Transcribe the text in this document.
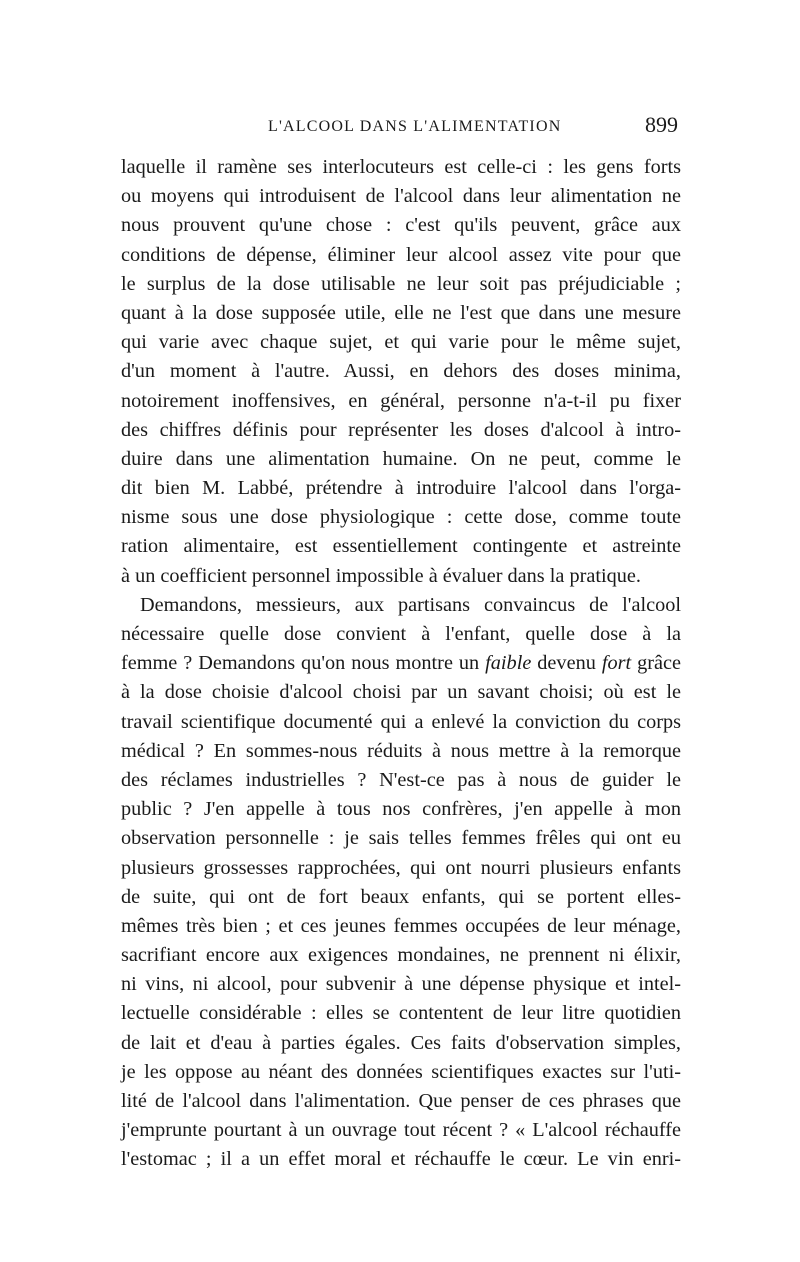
L'ALCOOL DANS L'ALIMENTATION	899
laquelle il ramène ses interlocuteurs est celle-ci : les gens forts
ou moyens qui introduisent de l'alcool dans leur alimentation ne
nous prouvent qu'une chose : c'est qu'ils peuvent, grâce aux
conditions de dépense, éliminer leur alcool assez vite pour que
le surplus de la dose utilisable ne leur soit pas préjudiciable ;
quant à la dose supposée utile, elle ne l'est que dans une mesure
qui varie avec chaque sujet, et qui varie pour le même sujet,
d'un moment à l'autre. Aussi, en dehors des doses minima,
notoirement inoffensives, en général, personne n'a-t-il pu fixer
des chiffres définis pour représenter les doses d'alcool à intro-
duire dans une alimentation humaine. On ne peut, comme le
dit bien M. Labbé, prétendre à introduire l'alcool dans l'orga-
nisme sous une dose physiologique : cette dose, comme toute
ration alimentaire, est essentiellement contingente et astreinte
à un coefficient personnel impossible à évaluer dans la pratique.
Demandons, messieurs, aux partisans convaincus de l'alcool
nécessaire quelle dose convient à l'enfant, quelle dose à la
femme ? Demandons qu'on nous montre un faible devenu fort grâce
à la dose choisie d'alcool choisi par un savant choisi; où est le
travail scientifique documenté qui a enlevé la conviction du corps
médical ? En sommes-nous réduits à nous mettre à la remorque
des réclames industrielles ? N'est-ce pas à nous de guider le
public ? J'en appelle à tous nos confrères, j'en appelle à mon
observation personnelle : je sais telles femmes frêles qui ont eu
plusieurs grossesses rapprochées, qui ont nourri plusieurs enfants
de suite, qui ont de fort beaux enfants, qui se portent elles-
mêmes très bien ; et ces jeunes femmes occupées de leur ménage,
sacrifiant encore aux exigences mondaines, ne prennent ni élixir,
ni vins, ni alcool, pour subvenir à une dépense physique et intel-
lectuelle considérable : elles se contentent de leur litre quotidien
de lait et d'eau à parties égales. Ces faits d'observation simples,
je les oppose au néant des données scientifiques exactes sur l'uti-
lité de l'alcool dans l'alimentation. Que penser de ces phrases que
j'emprunte pourtant à un ouvrage tout récent ? « L'alcool réchauffe
l'estomac ; il a un effet moral et réchauffe le cœur. Le vin enri-
